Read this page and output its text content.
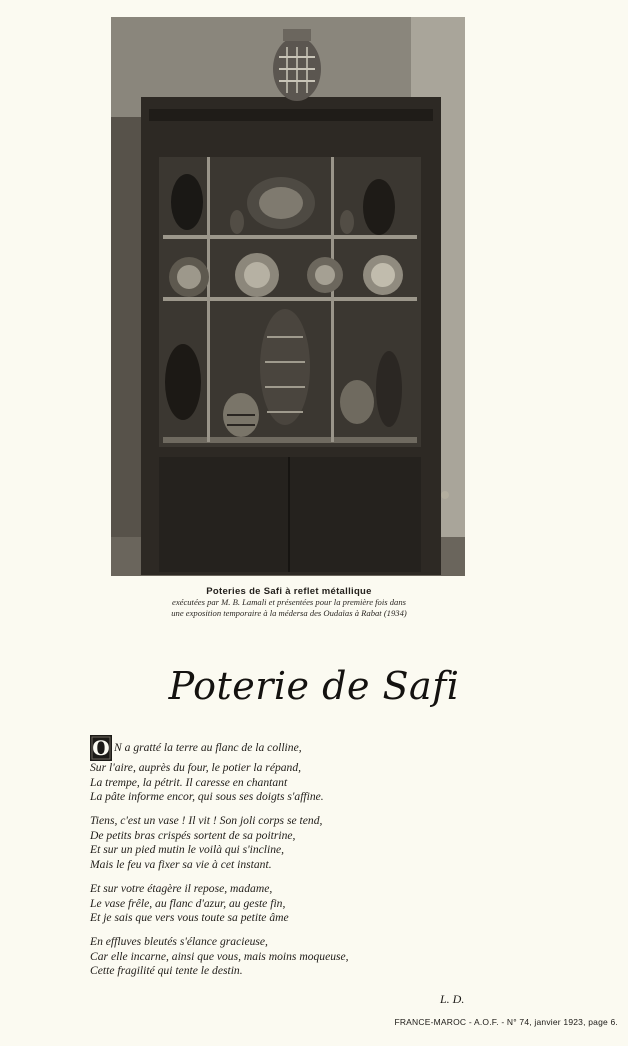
Poteries de Safi à reflet métallique
exécutées par M. B. Lamali et présentées pour la première fois dans
une exposition temporaire à la médersa des Oudaïas à Rabat (1934)
Poterie de Safi
O N a gratté la terre au flanc de la colline,
Sur l'aire, auprès du four, le potier la répand,
La trempe, la pétrit. Il caresse en chantant
La pâte informe encor, qui sous ses doigts s'affine.
Tiens, c'est un vase ! Il vit ! Son joli corps se tend,
De petits bras crispés sortent de sa poitrine,
Et sur un pied mutin le voilà qui s'incline,
Mais le feu va fixer sa vie à cet instant.
Et sur votre étagère il repose, madame,
Le vase frêle, au flanc d'azur, au geste fin,
Et je sais que vers vous toute sa petite âme
En effluves bleutés s'élance gracieuse,
Car elle incarne, ainsi que vous, mais moins moqueuse,
Cette fragilité qui tente le destin.
L. D.
FRANCE-MAROC - A.O.F. - N° 74, janvier 1923, page 6.
